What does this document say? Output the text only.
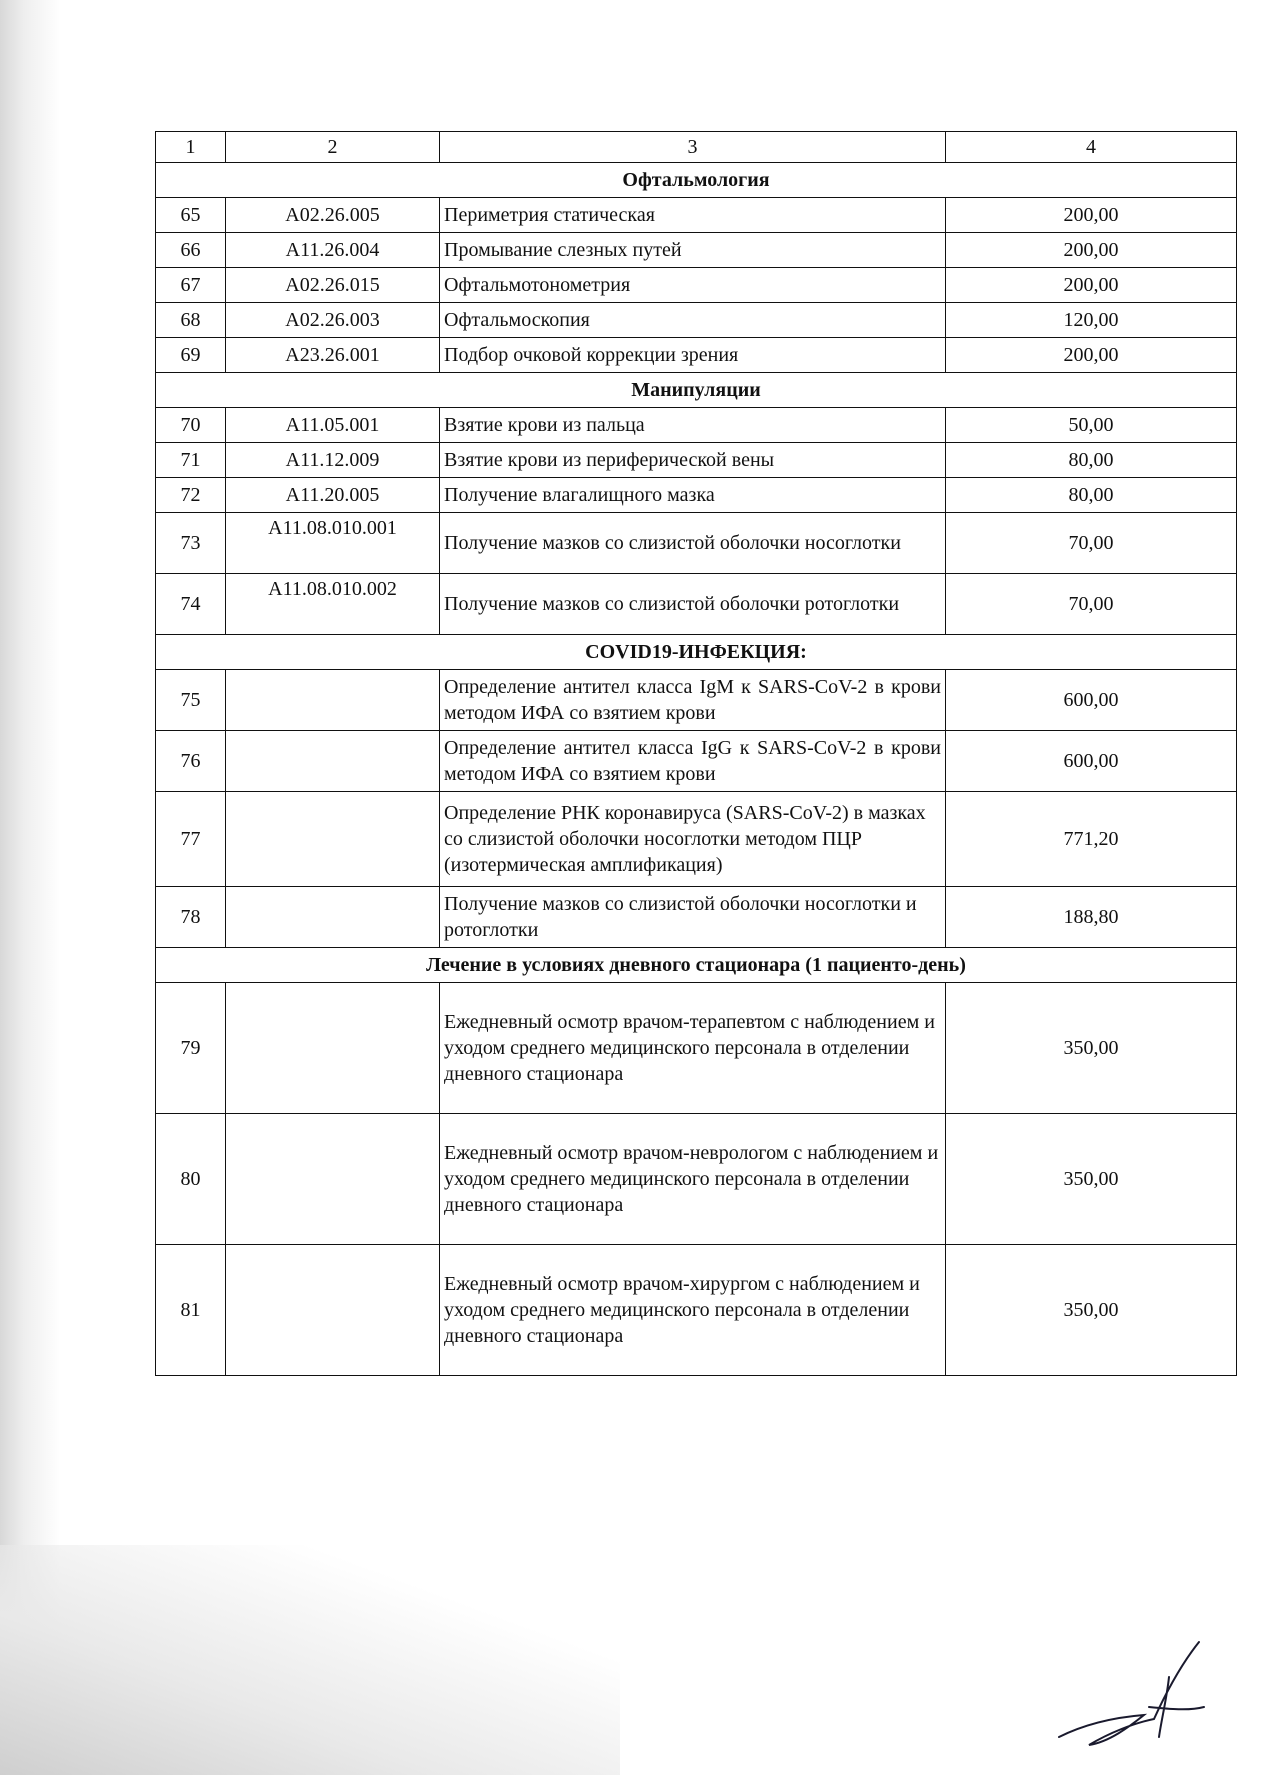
1	2	3	4
Офтальмология			
65	A02.26.005	Периметрия статическая	200,00
66	A11.26.004	Промывание слезных путей	200,00
67	A02.26.015	Офтальмотонометрия	200,00
68	A02.26.003	Офтальмоскопия	120,00
69	A23.26.001	Подбор очковой коррекции зрения	200,00
Манипуляции			
70	A11.05.001	Взятие крови из пальца	50,00
71	A11.12.009	Взятие крови из периферической вены	80,00
72	A11.20.005	Получение влагалищного мазка	80,00
73	A11.08.010.001	Получение мазков со слизистой оболочки носоглотки	70,00
74	A11.08.010.002	Получение мазков со слизистой оболочки ротоглотки	70,00
COVID19-ИНФЕКЦИЯ:			
75		Определение антител класса IgM к SARS-CoV-2 в крови методом ИФА со взятием крови	600,00
76		Определение антител класса IgG к SARS-CoV-2 в крови методом ИФА со взятием крови	600,00
77		Определение РНК коронавируса (SARS-CoV-2) в мазках со слизистой оболочки носоглотки методом ПЦР (изотермическая амплификация)	771,20
78		Получение мазков со слизистой оболочки носоглотки и ротоглотки	188,80
Лечение в условиях дневного стационара (1 пациенто-день)			
79		Ежедневный осмотр врачом-терапевтом с наблюдением и уходом среднего медицинского персонала в отделении дневного стационара	350,00
80		Ежедневный осмотр врачом-неврологом с наблюдением и уходом среднего медицинского персонала в отделении дневного стационара	350,00
81		Ежедневный осмотр врачом-хирургом с наблюдением и уходом среднего медицинского персонала в отделении дневного стационара	350,00
